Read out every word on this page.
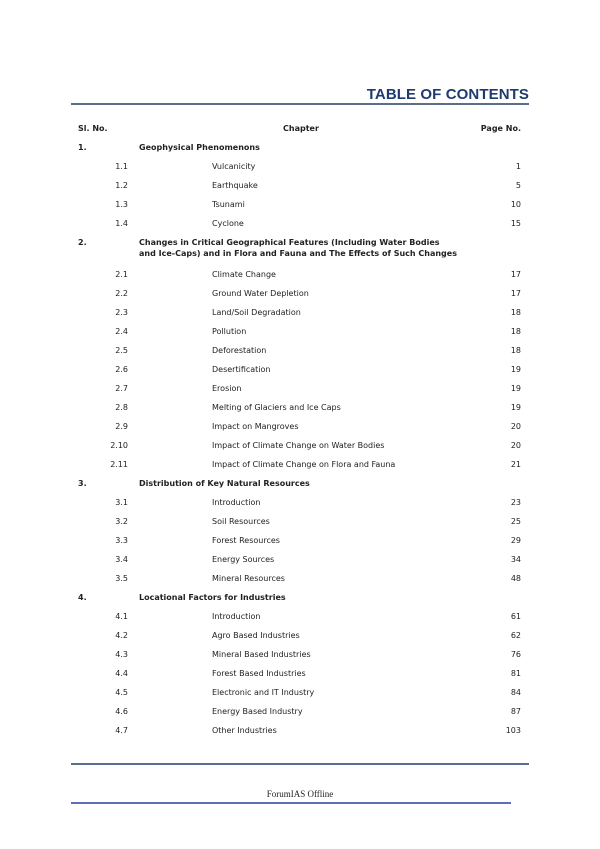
TABLE OF CONTENTS
Sl. No.	Chapter	Page No.
1.	Geophysical Phenomenons
1.1	Vulcanicity	1
1.2	Earthquake	5
1.3	Tsunami	10
1.4	Cyclone	15
2.	Changes in Critical Geographical Features (Including Water Bodies and Ice-Caps) and in Flora and Fauna and The Effects of Such Changes
2.1	Climate Change	17
2.2	Ground Water Depletion	17
2.3	Land/Soil Degradation	18
2.4	Pollution	18
2.5	Deforestation	18
2.6	Desertification	19
2.7	Erosion	19
2.8	Melting of Glaciers and Ice Caps	19
2.9	Impact on Mangroves	20
2.10	Impact of Climate Change on Water Bodies	20
2.11	Impact of Climate Change on Flora and Fauna	21
3.	Distribution of Key Natural Resources
3.1	Introduction	23
3.2	Soil Resources	25
3.3	Forest Resources	29
3.4	Energy Sources	34
3.5	Mineral Resources	48
4.	Locational Factors for Industries
4.1	Introduction	61
4.2	Agro Based Industries	62
4.3	Mineral Based Industries	76
4.4	Forest Based Industries	81
4.5	Electronic and IT Industry	84
4.6	Energy Based Industry	87
4.7	Other Industries	103
ForumIAS Offline
